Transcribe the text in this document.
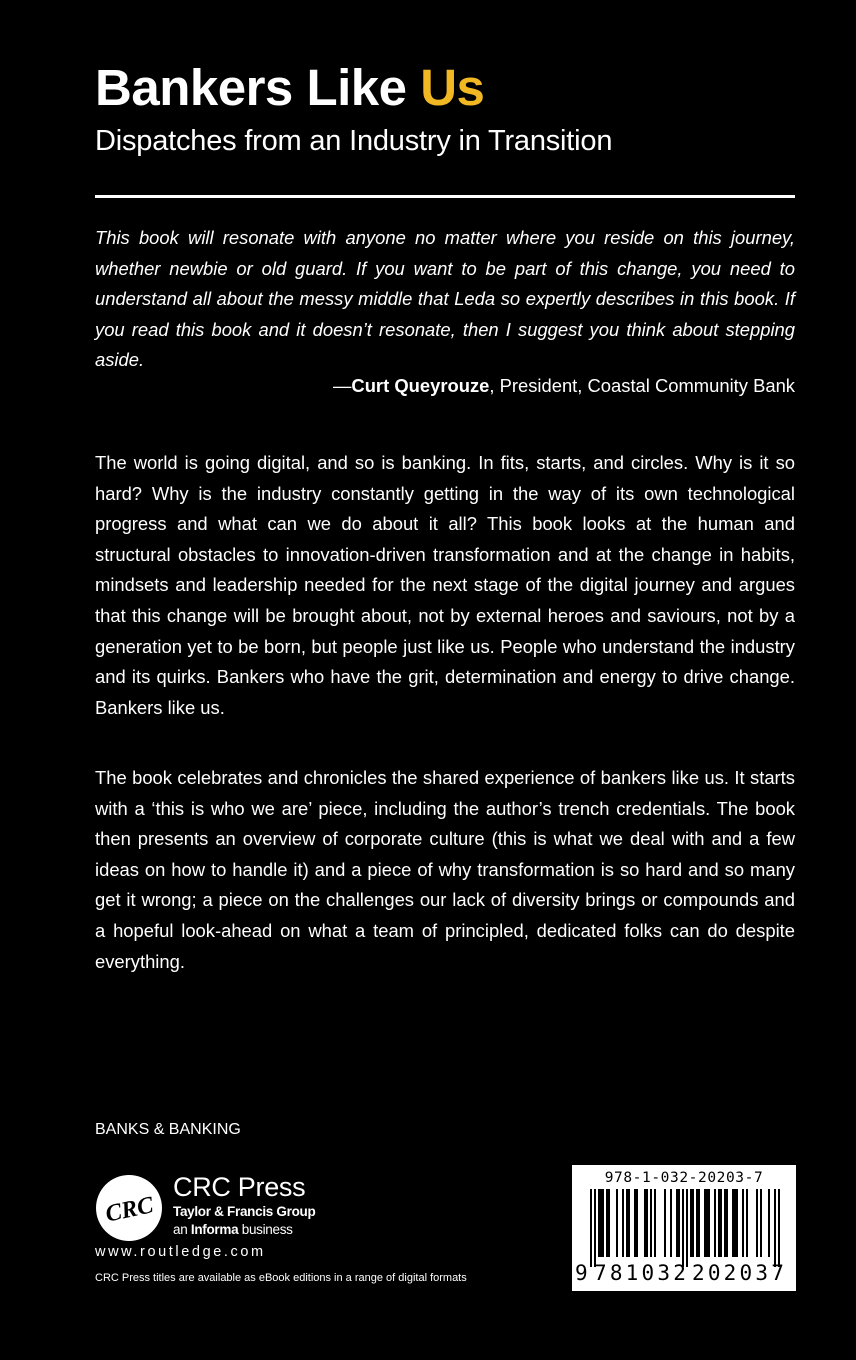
Bankers Like Us
Dispatches from an Industry in Transition

This book will resonate with anyone no matter where you reside on this journey, whether newbie or old guard. If you want to be part of this change, you need to understand all about the messy middle that Leda so expertly describes in this book. If you read this book and it doesn’t resonate, then I suggest you think about stepping aside.

—Curt Queyrouze, President, Coastal Community Bank

The world is going digital, and so is banking. In fits, starts, and circles. Why is it so hard? Why is the industry constantly getting in the way of its own technological progress and what can we do about it all? This book looks at the human and structural obstacles to innovation-driven transformation and at the change in habits, mindsets and leadership needed for the next stage of the digital journey and argues that this change will be brought about, not by external heroes and saviours, not by a generation yet to be born, but people just like us. People who understand the industry and its quirks. Bankers who have the grit, determination and energy to drive change. Bankers like us.

The book celebrates and chronicles the shared experience of bankers like us. It starts with a ‘this is who we are’ piece, including the author’s trench credentials. The book then presents an overview of corporate culture (this is what we deal with and a few ideas on how to handle it) and a piece of why transformation is so hard and so many get it wrong; a piece on the challenges our lack of diversity brings or compounds and a hopeful look-ahead on what a team of principled, dedicated folks can do despite everything.

BANKS & BANKING
CRC
CRC Press
Taylor & Francis Group
an Informa business
www.routledge.com
CRC Press titles are available as eBook editions in a range of digital formats
978-1-032-20203-7
9 781032 202037
